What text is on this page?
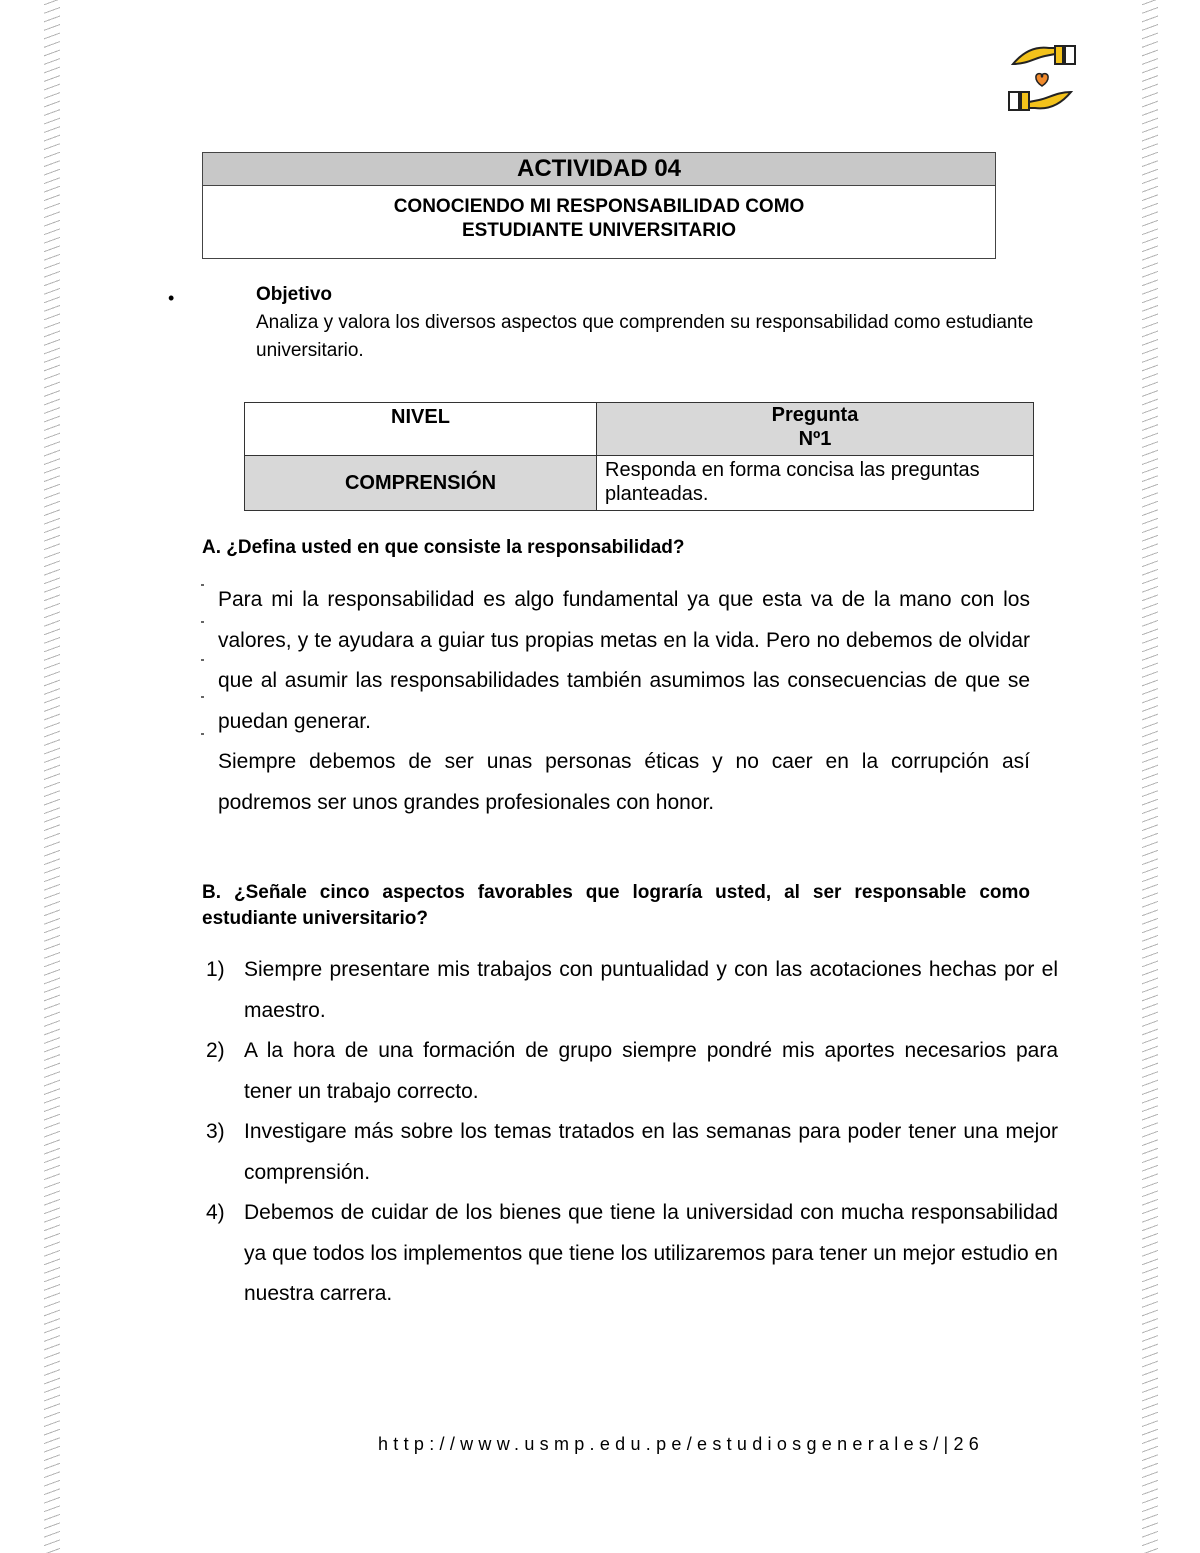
ACTIVIDAD 04
CONOCIENDO MI RESPONSABILIDAD COMO ESTUDIANTE UNIVERSITARIO
•	Objetivo
Analiza y valora los diversos aspectos que comprenden su responsabilidad como estudiante universitario.
NIVEL	Pregunta
Nº1

COMPRENSIÓN	Responda en forma concisa las preguntas planteadas.
A. ¿Defina usted en que consiste la responsabilidad?

Para mi la responsabilidad es algo fundamental ya que esta va de la mano con los valores, y te ayudara a guiar tus propias metas en la vida. Pero no debemos de olvidar que al asumir las responsabilidades también asumimos las consecuencias de que se puedan generar.

Siempre debemos de ser unas personas éticas y no caer en la corrupción así podremos ser unos grandes profesionales con honor.

B. ¿Señale cinco aspectos favorables que lograría usted, al ser responsable como estudiante universitario?
1) Siempre presentare mis trabajos con puntualidad y con las acotaciones hechas por el maestro.
2) A la hora de una formación de grupo siempre pondré mis aportes necesarios para tener un trabajo correcto.
3) Investigare más sobre los temas tratados en las semanas para poder tener una mejor comprensión.
4) Debemos de cuidar de los bienes que tiene la universidad con mucha responsabilidad ya que todos los implementos que tiene los utilizaremos para tener un mejor estudio en nuestra carrera.
http://www.usmp.edu.pe/estudiosgenerales/|26
